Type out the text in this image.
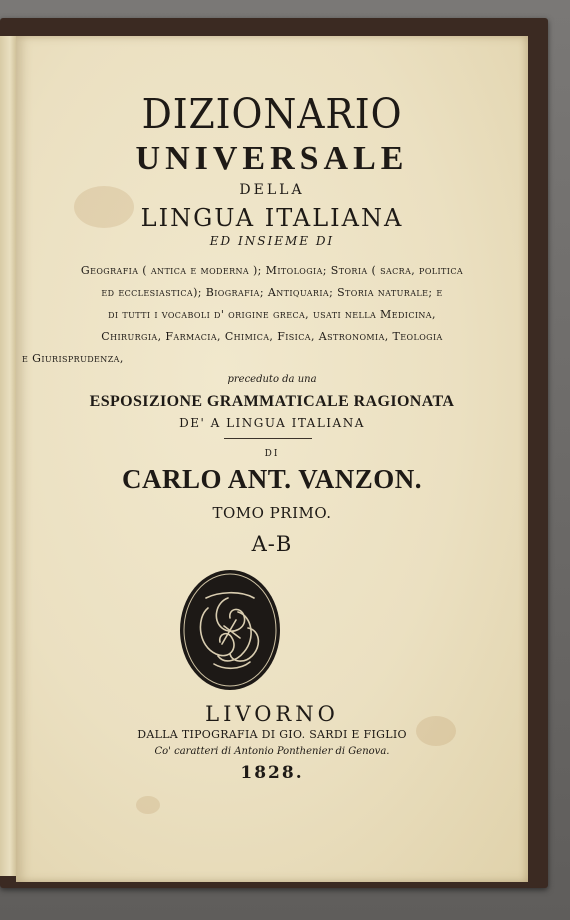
DIZIONARIO
UNIVERSALE
DELLA
LINGUA ITALIANA
ED INSIEME DI
Geografia ( antica e moderna ); Mitologia; Storia ( sacra, politica
ed ecclesiastica); Biografia; Antiquaria; Storia naturale; e
di tutti i vocaboli d' origine greca, usati nella Medicina,
Chirurgia, Farmacia, Chimica, Fisica, Astronomia, Teologia
e Giurisprudenza,
preceduto da una
ESPOSIZIONE GRAMMATICALE RAGIONATA
DE' A LINGUA ITALIANA
DI
CARLO ANT. VANZON.
TOMO PRIMO.
A-B
LIVORNO
DALLA TIPOGRAFIA DI GIO. SARDI E FIGLIO
Co' caratteri di Antonio Ponthenier di Genova.
1828.
